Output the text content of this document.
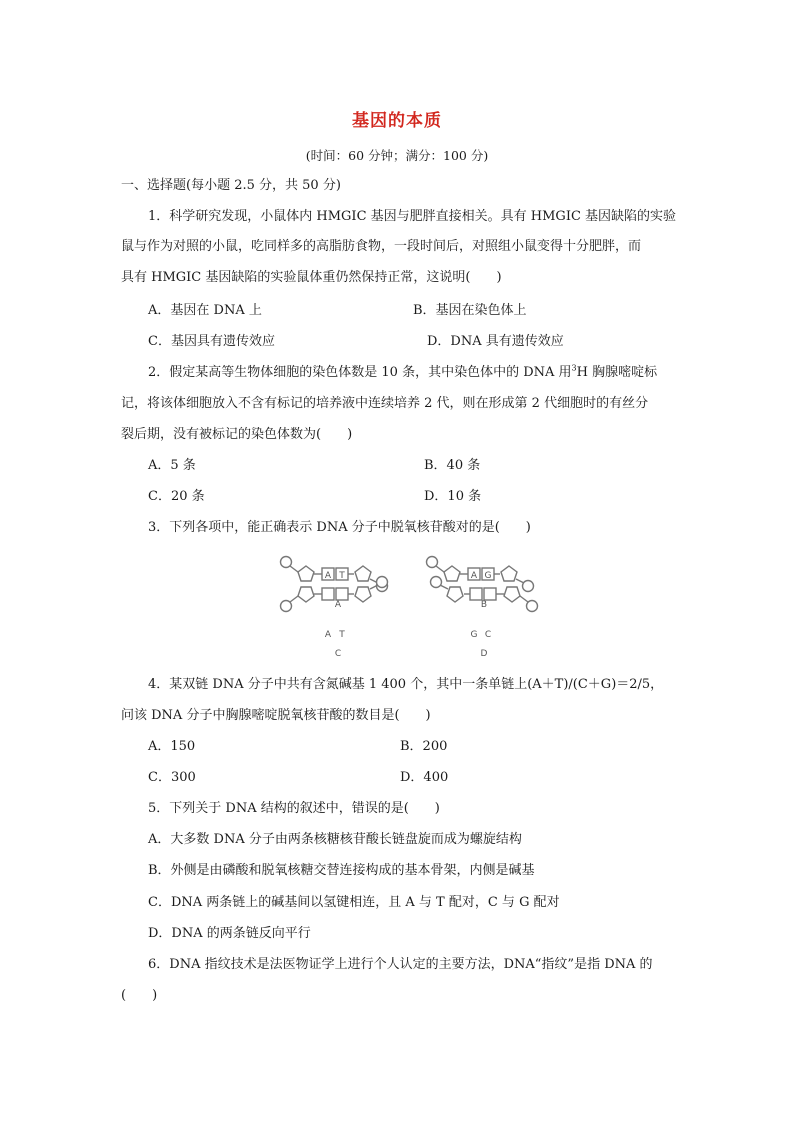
基因的本质
(时间：60 分钟；满分：100 分)
一、选择题(每小题 2.5 分，共 50 分)
1．科学研究发现，小鼠体内 HMGIC 基因与肥胖直接相关。具有 HMGIC 基因缺陷的实验
鼠与作为对照的小鼠，吃同样多的高脂肪食物，一段时间后，对照组小鼠变得十分肥胖，而
具有 HMGIC 基因缺陷的实验鼠体重仍然保持正常，这说明(　　)
A．基因在 DNA 上	B．基因在染色体上
C．基因具有遗传效应	D．DNA 具有遗传效应
2．假定某高等生物体细胞的染色体数是 10 条，其中染色体中的 DNA 用$^3$H 胸腺嘧啶标
记，将该体细胞放入不含有标记的培养液中连续培养 2 代，则在形成第 2 代细胞时的有丝分
裂后期，没有被标记的染色体数为(　　)
A．5 条	B．40 条
C．20 条	D．10 条
3．下列各项中，能正确表示 DNA 分子中脱氧核苷酸对的是(　　)
A T
A
A G
B
A T
C
G C
D
4．某双链 DNA 分子中共有含氮碱基 1 400 个，其中一条单链上(A＋T)/(C＋G)＝2/5，
问该 DNA 分子中胸腺嘧啶脱氧核苷酸的数目是(　　)
A．150	B．200
C．300	D．400
5．下列关于 DNA 结构的叙述中，错误的是(　　)
A．大多数 DNA 分子由两条核糖核苷酸长链盘旋而成为螺旋结构
B．外侧是由磷酸和脱氧核糖交替连接构成的基本骨架，内侧是碱基
C．DNA 两条链上的碱基间以氢键相连，且 A 与 T 配对，C 与 G 配对
D．DNA 的两条链反向平行
6．DNA 指纹技术是法医物证学上进行个人认定的主要方法，DNA“指纹”是指 DNA 的
(　　)
